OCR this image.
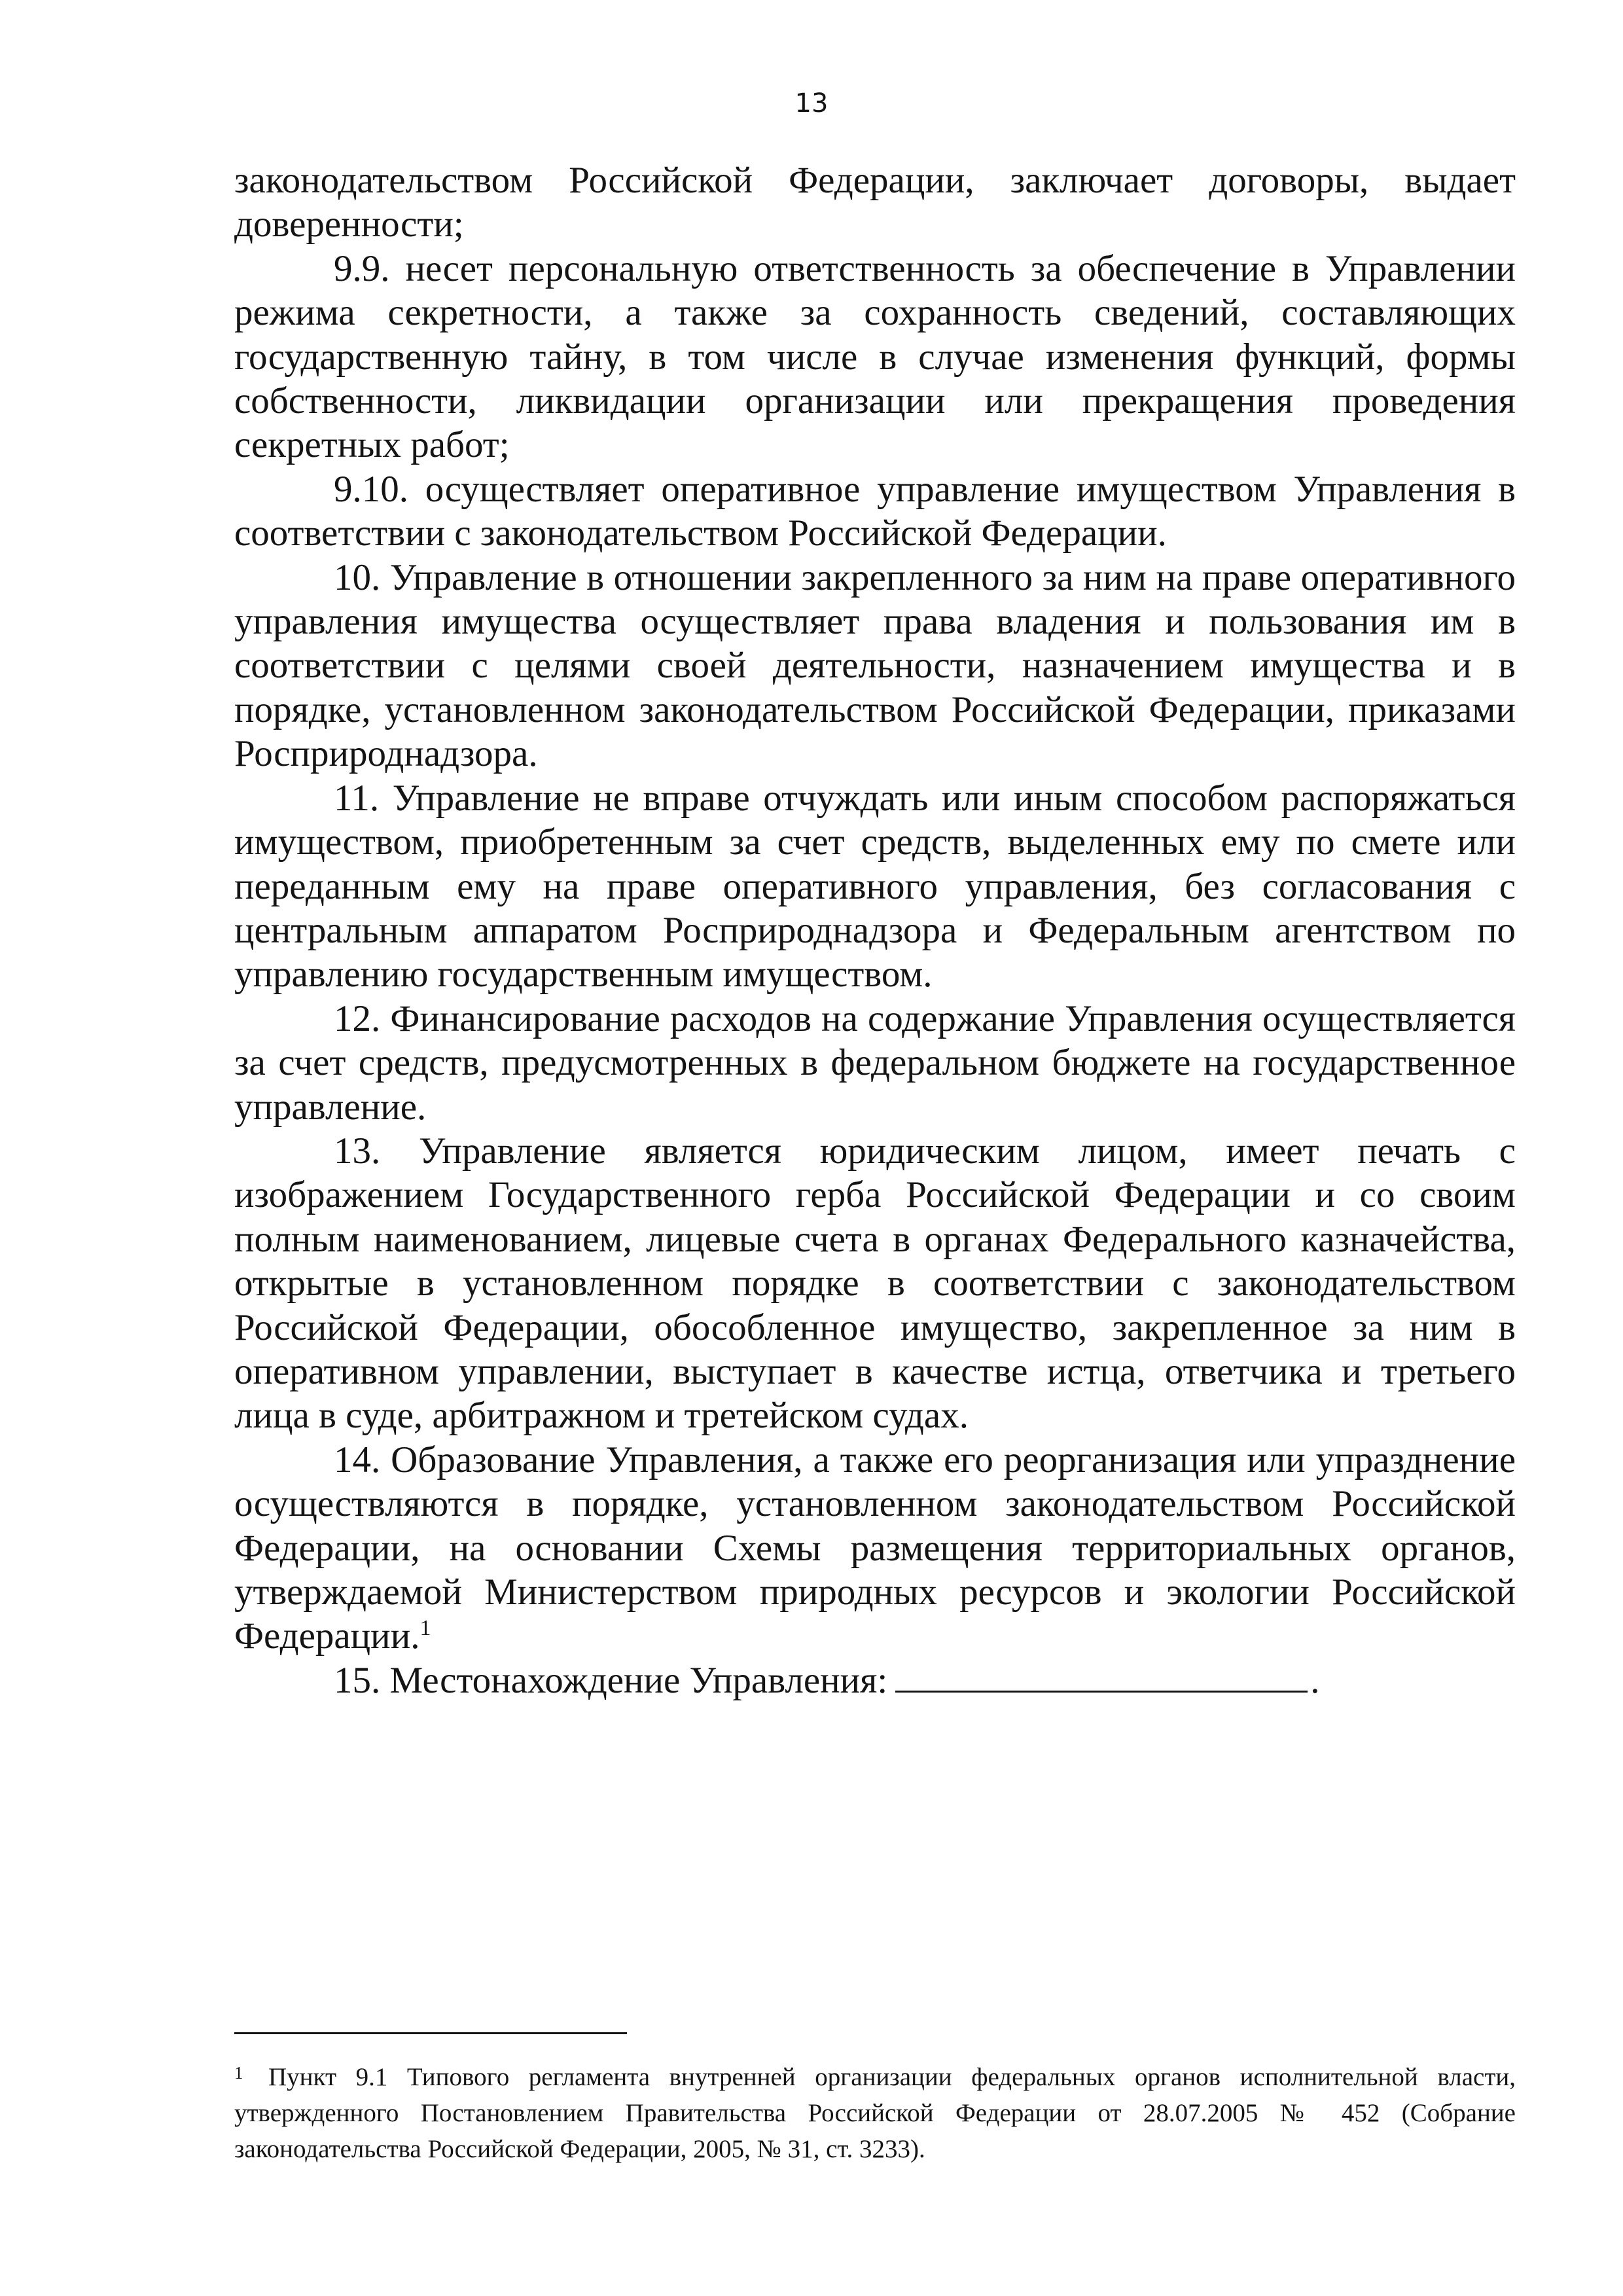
13

законодательством Российской Федерации, заключает договоры, выдает доверенности;

9.9. несет персональную ответственность за обеспечение в Управлении режима секретности, а также за сохранность сведений, составляющих государственную тайну, в том числе в случае изменения функций, формы собственности, ликвидации организации или прекращения проведения секретных работ;

9.10. осуществляет оперативное управление имуществом Управления в соответствии с законодательством Российской Федерации.

10. Управление в отношении закрепленного за ним на праве оперативного управления имущества осуществляет права владения и пользования им в соответствии с целями своей деятельности, назначением имущества и в порядке, установленном законодательством Российской Федерации, приказами Росприроднадзора.

11. Управление не вправе отчуждать или иным способом распоряжаться имуществом, приобретенным за счет средств, выделенных ему по смете или переданным ему на праве оперативного управления, без согласования с центральным аппаратом Росприроднадзора и Федеральным агентством по управлению государственным имуществом.

12. Финансирование расходов на содержание Управления осуществляется за счет средств, предусмотренных в федеральном бюджете на государственное управление.

13. Управление является юридическим лицом, имеет печать с изображением Государственного герба Российской Федерации и со своим полным наименованием, лицевые счета в органах Федерального казначейства, открытые в установленном порядке в соответствии с законодательством Российской Федерации, обособленное имущество, закрепленное за ним в оперативном управлении, выступает в качестве истца, ответчика и третьего лица в суде, арбитражном и третейском судах.

14. Образование Управления, а также его реорганизация или упразднение осуществляются в порядке, установленном законодательством Российской Федерации, на основании Схемы размещения территориальных органов, утверждаемой Министерством природных ресурсов и экологии Российской Федерации.$^1$

15. Местонахождение Управления:	.

1 Пункт 9.1 Типового регламента внутренней организации федеральных органов исполнительной власти, утвержденного Постановлением Правительства Российской Федерации от 28.07.2005 № 452 (Собрание законодательства Российской Федерации, 2005, № 31, ст. 3233).
